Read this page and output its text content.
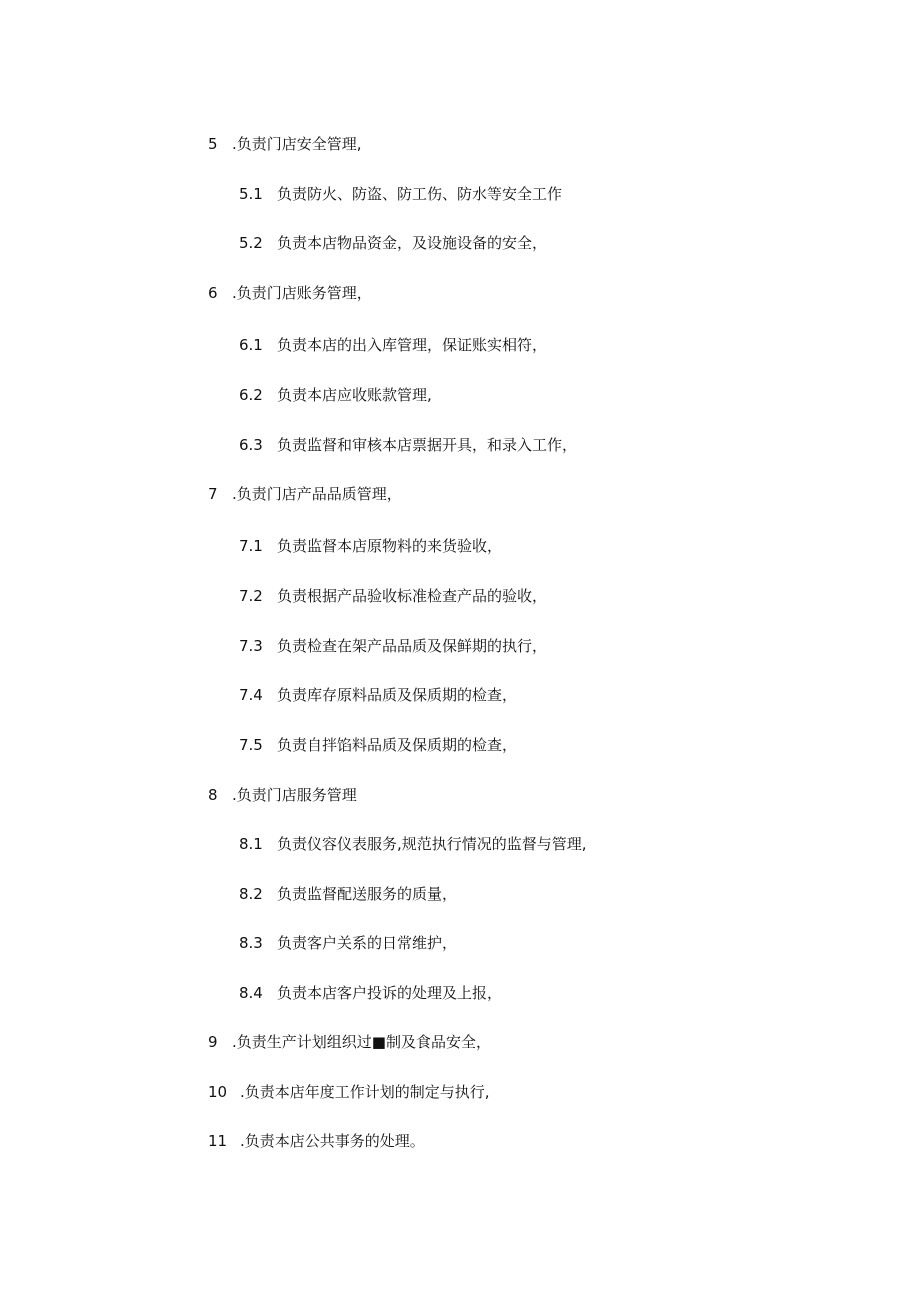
5 .负责门店安全管理,
5.1 负责防火、防盗、防工伤、防水等安全工作
5.2 负责本店物品资金，及设施设备的安全，
6 .负责门店账务管理，
6.1 负责本店的出入库管理，保证账实相符，
6.2 负责本店应收账款管理,
6.3 负责监督和审核本店票据开具，和录入工作，
7 .负责门店产品品质管理，
7.1 负责监督本店原物料的来货验收，
7.2 负责根据产品验收标准检查产品的验收，
7.3 负责检查在架产品品质及保鲜期的执行，
7.4 负责库存原料品质及保质期的检查，
7.5 负责自拌馅料品质及保质期的检查，
8 .负责门店服务管理
8.1 负责仪容仪表服务,规范执行情况的监督与管理,
8.2 负责监督配送服务的质量，
8.3 负责客户关系的日常维护，
8.4 负责本店客户投诉的处理及上报，
9 .负责生产计划组织过■制及食品安全，
10 .负责本店年度工作计划的制定与执行,
11 .负责本店公共事务的处理。
